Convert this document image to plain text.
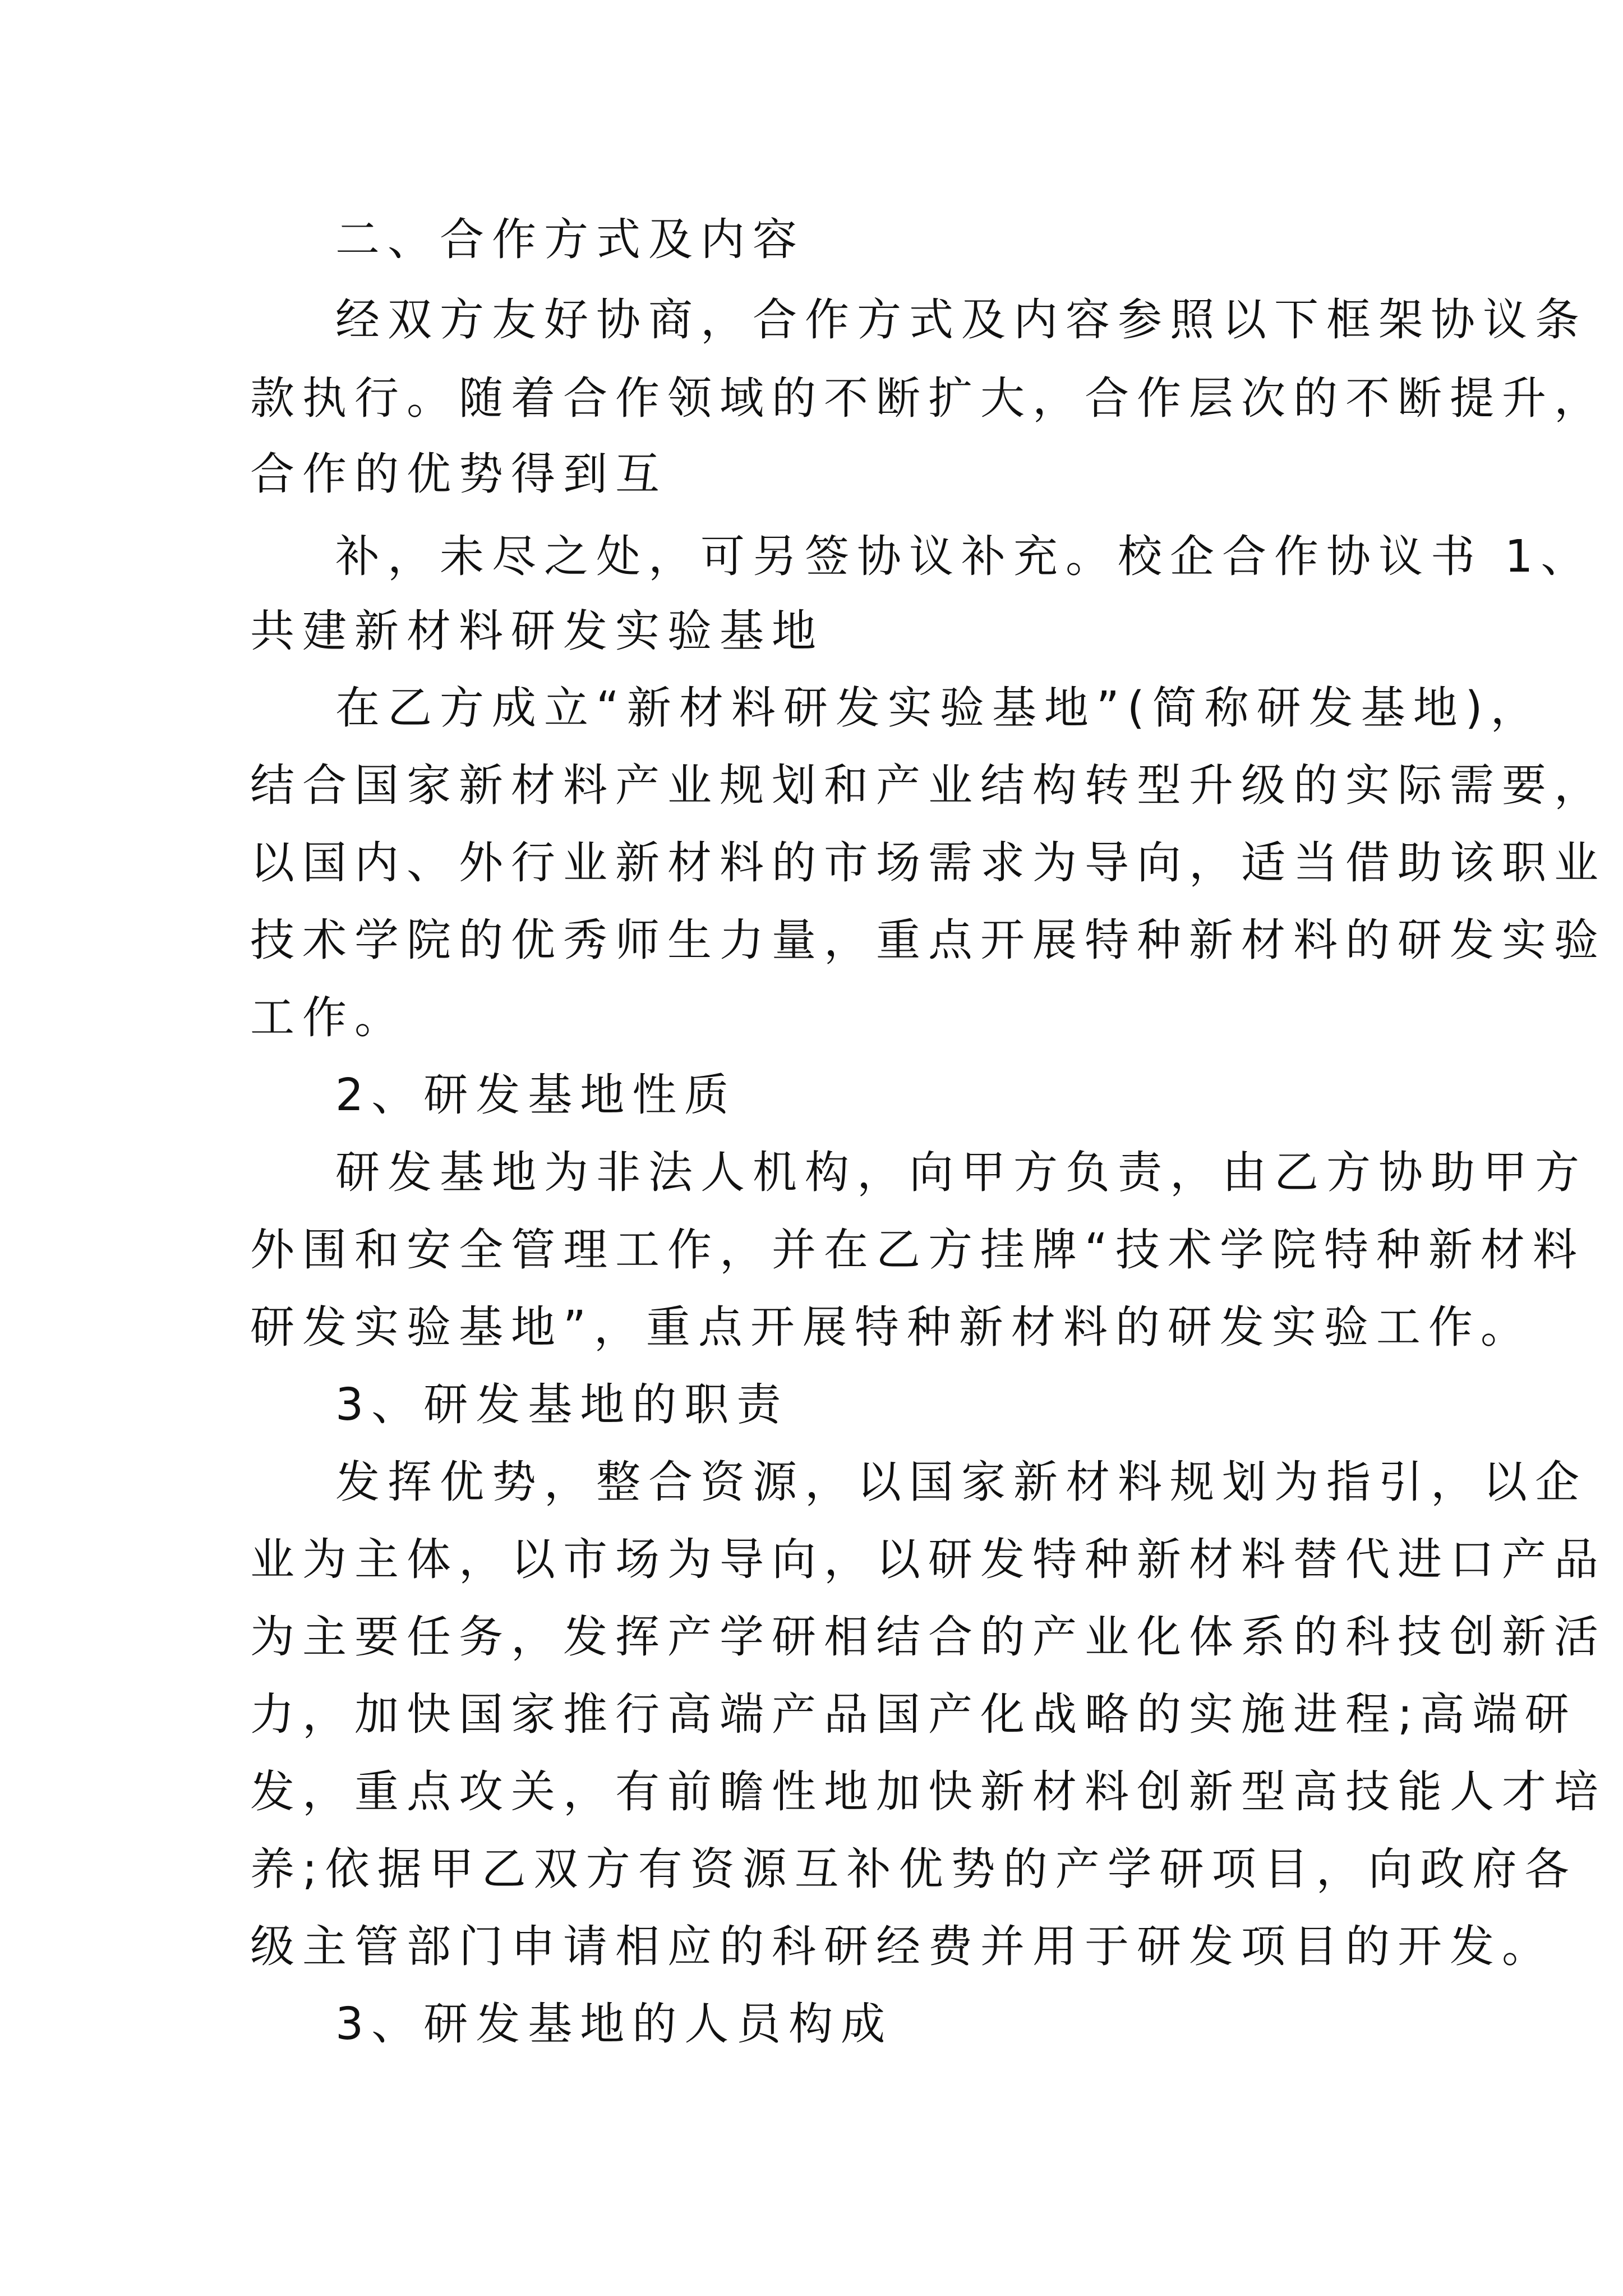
二、合作方式及内容
经双方友好协商，合作方式及内容参照以下框架协议条
款执行。随着合作领域的不断扩大，合作层次的不断提升，
合作的优势得到互
补，未尽之处，可另签协议补充。校企合作协议书 1、
共建新材料研发实验基地
在乙方成立“新材料研发实验基地”(简称研发基地)，
结合国家新材料产业规划和产业结构转型升级的实际需要，
以国内、外行业新材料的市场需求为导向，适当借助该职业
技术学院的优秀师生力量，重点开展特种新材料的研发实验
工作。
2、研发基地性质
研发基地为非法人机构，向甲方负责，由乙方协助甲方
外围和安全管理工作，并在乙方挂牌“技术学院特种新材料
研发实验基地”，重点开展特种新材料的研发实验工作。
3、研发基地的职责
发挥优势，整合资源，以国家新材料规划为指引，以企
业为主体，以市场为导向，以研发特种新材料替代进口产品
为主要任务，发挥产学研相结合的产业化体系的科技创新活
力，加快国家推行高端产品国产化战略的实施进程;高端研
发，重点攻关，有前瞻性地加快新材料创新型高技能人才培
养;依据甲乙双方有资源互补优势的产学研项目，向政府各
级主管部门申请相应的科研经费并用于研发项目的开发。
3、研发基地的人员构成
